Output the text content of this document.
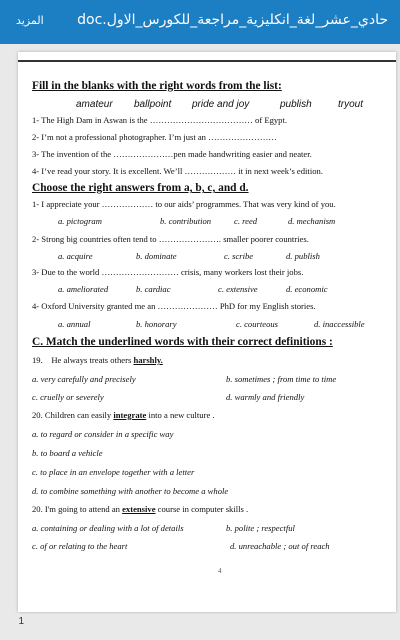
المزيد حادي_عشر_لغة_انكليزية_مراجعة_للكورس_الاول.doc
Fill in the blanks with the right words from the list:
amateur ballpoint pride and joy	publish	tryout
1- The High Dam in Aswan is the ……………………………… of Egypt.
2- I’m not a professional photographer. I’m just an ……………………
3- The invention of the …………………pen made handwriting easier and neater.
4- I’ve read your story. It is excellent. We’ll ……………… it in next week’s edition.
Choose the right answers from a, b, c, and d.
1- I appreciate your ……………… to our aids’ programmes. That was very kind of you.
a. pictogram	b. contribution	c. reed	d. mechanism
2- Strong big countries often tend to …………………. smaller poorer countries.
a. acquire	b. dominate	c. scribe	d. publish
3- Due to the world ……………………… crisis, many workers lost their jobs.
a. ameliorated	b. cardiac	c. extensive	d. economic
4- Oxford University granted me an ………………… PhD for my English stories.
a. annual	b. honorary	c. courteous	d. inaccessible
C. Match the underlined words with their correct definitions :
19. He always treats others harshly.
a. very carefully and precisely	b. sometimes ; from time to time
c. cruelly or severely	d. warmly and friendly
20. Children can easily integrate into a new culture .
a. to regard or consider in a specific way
b. to board a vehicle
c. to place in an envelope together with a letter
d. to combine something with another to become a whole
20. I'm going to attend an extensive course in computer skills .
a. containing or dealing with a lot of details	b. polite ; respectful
c. of or relating to the heart	d. unreachable ; out of reach
4
1
